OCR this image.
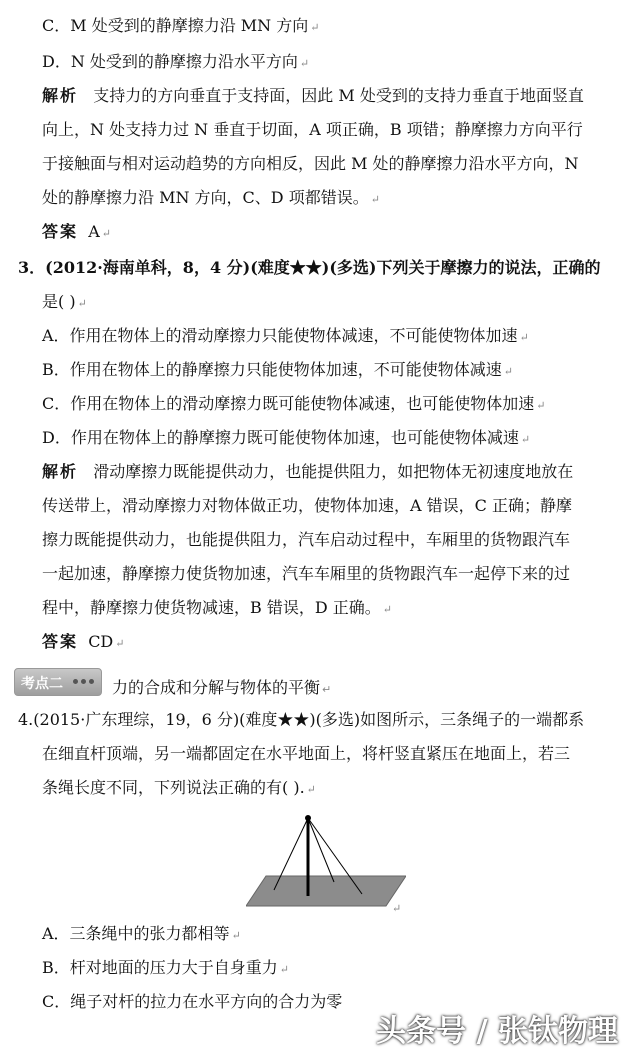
C．M 处受到的静摩擦力沿 MN 方向 ↵
D．N 处受到的静摩擦力沿水平方向 ↵
解析 支持力的方向垂直于支持面，因此 M 处受到的支持力垂直于地面竖直
向上，N 处支持力过 N 垂直于切面，A 项正确，B 项错；静摩擦力方向平行
于接触面与相对运动趋势的方向相反，因此 M 处的静摩擦力沿水平方向，N
处的静摩擦力沿 MN 方向，C、D 项都错误。 ↵
答案 A ↵
3．(2012·海南单科，8，4 分)(难度★★)(多选)下列关于摩擦力的说法，正确的
是( ) ↵
A．作用在物体上的滑动摩擦力只能使物体减速，不可能使物体加速 ↵
B．作用在物体上的静摩擦力只能使物体加速，不可能使物体减速 ↵
C．作用在物体上的滑动摩擦力既可能使物体减速，也可能使物体加速 ↵
D．作用在物体上的静摩擦力既可能使物体加速，也可能使物体减速 ↵
解析 滑动摩擦力既能提供动力，也能提供阻力，如把物体无初速度地放在
传送带上，滑动摩擦力对物体做正功，使物体加速，A 错误，C 正确；静摩
擦力既能提供动力，也能提供阻力，汽车启动过程中，车厢里的货物跟汽车
一起加速，静摩擦力使货物加速，汽车车厢里的货物跟汽车一起停下来的过
程中，静摩擦力使货物减速，B 错误，D 正确。 ↵
答案 CD ↵
考点二	力的合成和分解与物体的平衡 ↵
4.(2015·广东理综，19，6 分)(难度★★)(多选)如图所示，三条绳子的一端都系
在细直杆顶端，另一端都固定在水平地面上，将杆竖直紧压在地面上，若三
条绳长度不同，下列说法正确的有( ). ↵
↵
A．三条绳中的张力都相等 ↵
B．杆对地面的压力大于自身重力 ↵
C．绳子对杆的拉力在水平方向的合力为零
头条号 / 张钛物理
